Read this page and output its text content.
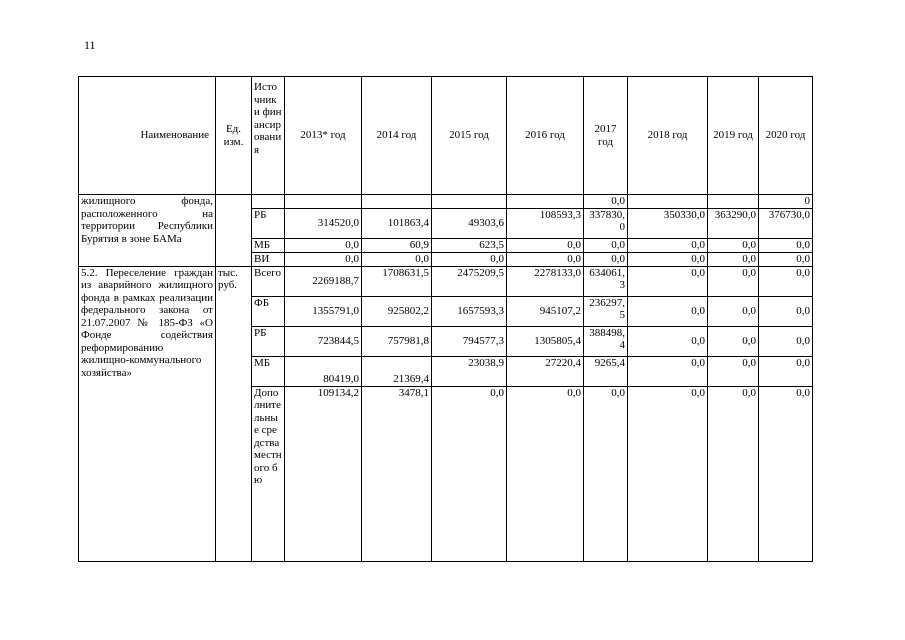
11
Наименование	Ед. изм.	Источники финансирования	2013* год	2014 год	2015 год	2016 год	2017 год	2018 год	2019 год	2020 год
жилищного фонда, расположенного на территории Республики Бурятия в зоне БАМа							0,0			0
		РБ	314520,0	101863,4	49303,6	108593,3	337830,0	350330,0	363290,0	376730,0
		МБ	0,0	60,9	623,5	0,0	0,0	0,0	0,0	0,0
		ВИ	0,0	0,0	0,0	0,0	0,0	0,0	0,0	0,0
5.2. Переселение граждан из аварийного жилищного фонда в рамках реализации федерального закона от 21.07.2007 № 185-ФЗ «О Фонде содействия реформированию жилищно-коммунального хозяйства»	тыс. руб.	Всего	2269188,7	1708631,5	2475209,5	2278133,0	634061,3	0,0	0,0	0,0
		ФБ	1355791,0	925802,2	1657593,3	945107,2	236297,5	0,0	0,0	0,0
		РБ	723844,5	757981,8	794577,3	1305805,4	388498,4	0,0	0,0	0,0
		МБ	80419,0	21369,4	23038,9	27220,4	9265,4	0,0	0,0	0,0
		Дополнительные средства местного бю	109134,2	3478,1	0,0	0,0	0,0	0,0	0,0	0,0
